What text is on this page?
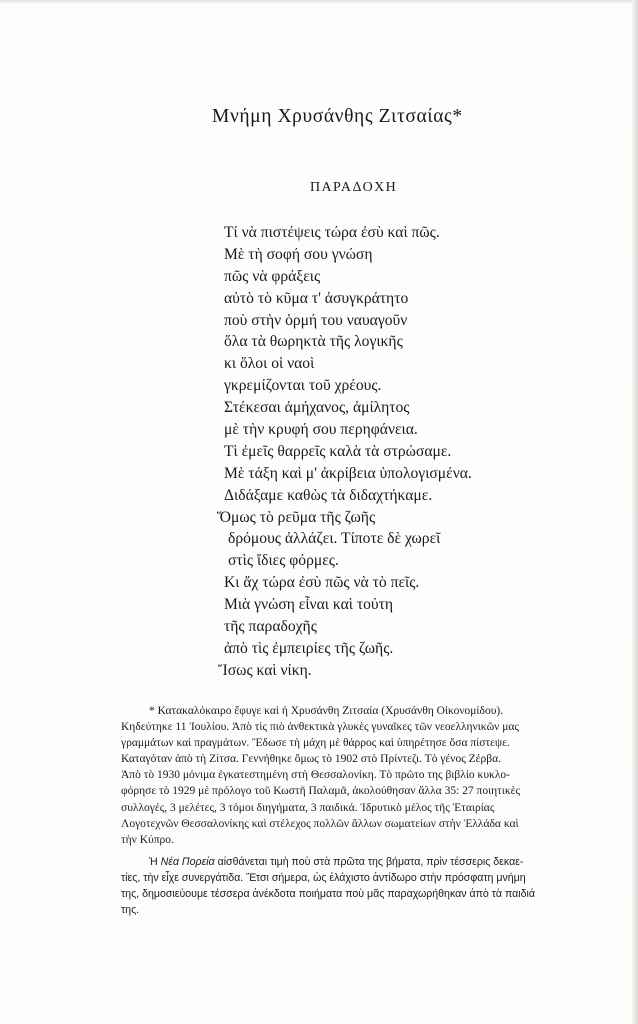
Μνήμη Χρυσάνθης Ζιτσαίας*
ΠΑΡΑΔΟΧΗ
Τί νὰ πιστέψεις τώρα ἐσὺ καὶ πῶς.
Μὲ τὴ σοφή σου γνώση
πῶς νὰ φράξεις
αὐτὸ τὸ κῦμα τ' ἀσυγκράτητο
ποὺ στὴν ὁρμή του ναυαγοῦν
ὅλα τὰ θωρηκτὰ τῆς λογικῆς
κι ὅλοι οἱ ναοὶ
γκρεμίζονται τοῦ χρέους.
Στέκεσαι ἀμήχανος, ἀμίλητος
μὲ τὴν κρυφή σου περηφάνεια.
Τὶ ἐμεῖς θαρρεῖς καλὰ τὰ στρώσαμε.
Μὲ τάξη καὶ μ' ἀκρίβεια ὑπολογισμένα.
Διδάξαμε καθὼς τὰ διδαχτήκαμε.
Ὅμως τὸ ρεῦμα τῆς ζωῆς
δρόμους ἀλλάζει. Τίποτε δὲ χωρεῖ
στὶς ἴδιες φόρμες.
Κι ἄχ τώρα ἐσὺ πῶς νὰ τὸ πεῖς.
Μιὰ γνώση εἶναι καὶ τούτη
τῆς παραδοχῆς
ἀπὸ τὶς ἐμπειρίες τῆς ζωῆς.
Ἴσως καὶ νίκη.
* Κατακαλόκαιρο ἔφυγε καὶ ἡ Χρυσάνθη Ζιτσαία (Χρυσάνθη Οἰκονομίδου).
Κηδεύτηκε 11 Ἰουλίου. Ἀπὸ τὶς πιὸ ἀνθεκτικὰ γλυκὲς γυναῖκες τῶν νεοελληνικῶν μας
γραμμάτων καὶ πραγμάτων. Ἔδωσε τὴ μάχη μὲ θάρρος καὶ ὑπηρέτησε ὅσα πίστεψε.
Καταγόταν ἀπὸ τὴ Ζίτσα. Γεννήθηκε ὅμως τὸ 1902 στὸ Πρίντεζι. Τὸ γένος Ζέρβα.
Ἀπὸ τὸ 1930 μόνιμα ἐγκατεστημένη στὴ Θεσσαλονίκη. Τὸ πρῶτο της βιβλίο κυκλο-
φόρησε τὸ 1929 μὲ πρόλογο τοῦ Κωστῆ Παλαμᾶ, ἀκολούθησαν ἄλλα 35: 27 ποιητικὲς
συλλογές, 3 μελέτες, 3 τόμοι διηγήματα, 3 παιδικά. Ἱδρυτικὸ μέλος τῆς Ἑταιρίας
Λογοτεχνῶν Θεσσαλονίκης καὶ στέλεχος πολλῶν ἄλλων σωματείων στὴν Ἑλλάδα καὶ
τὴν Κύπρο.
Ἡ Νέα Πορεία αἰσθάνεται τιμὴ ποὺ στὰ πρῶτα της βήματα, πρὶν τέσσερις δεκαε-
τίες, τὴν εἶχε συνεργάτιδα. Ἔτσι σήμερα, ὡς ἐλάχιστο ἀντίδωρο στὴν πρόσφατη μνήμη
της, δημοσιεύουμε τέσσερα ἀνέκδοτα ποιήματα ποὺ μᾶς παραχωρήθηκαν ἀπὸ τὰ παιδιά
της.
